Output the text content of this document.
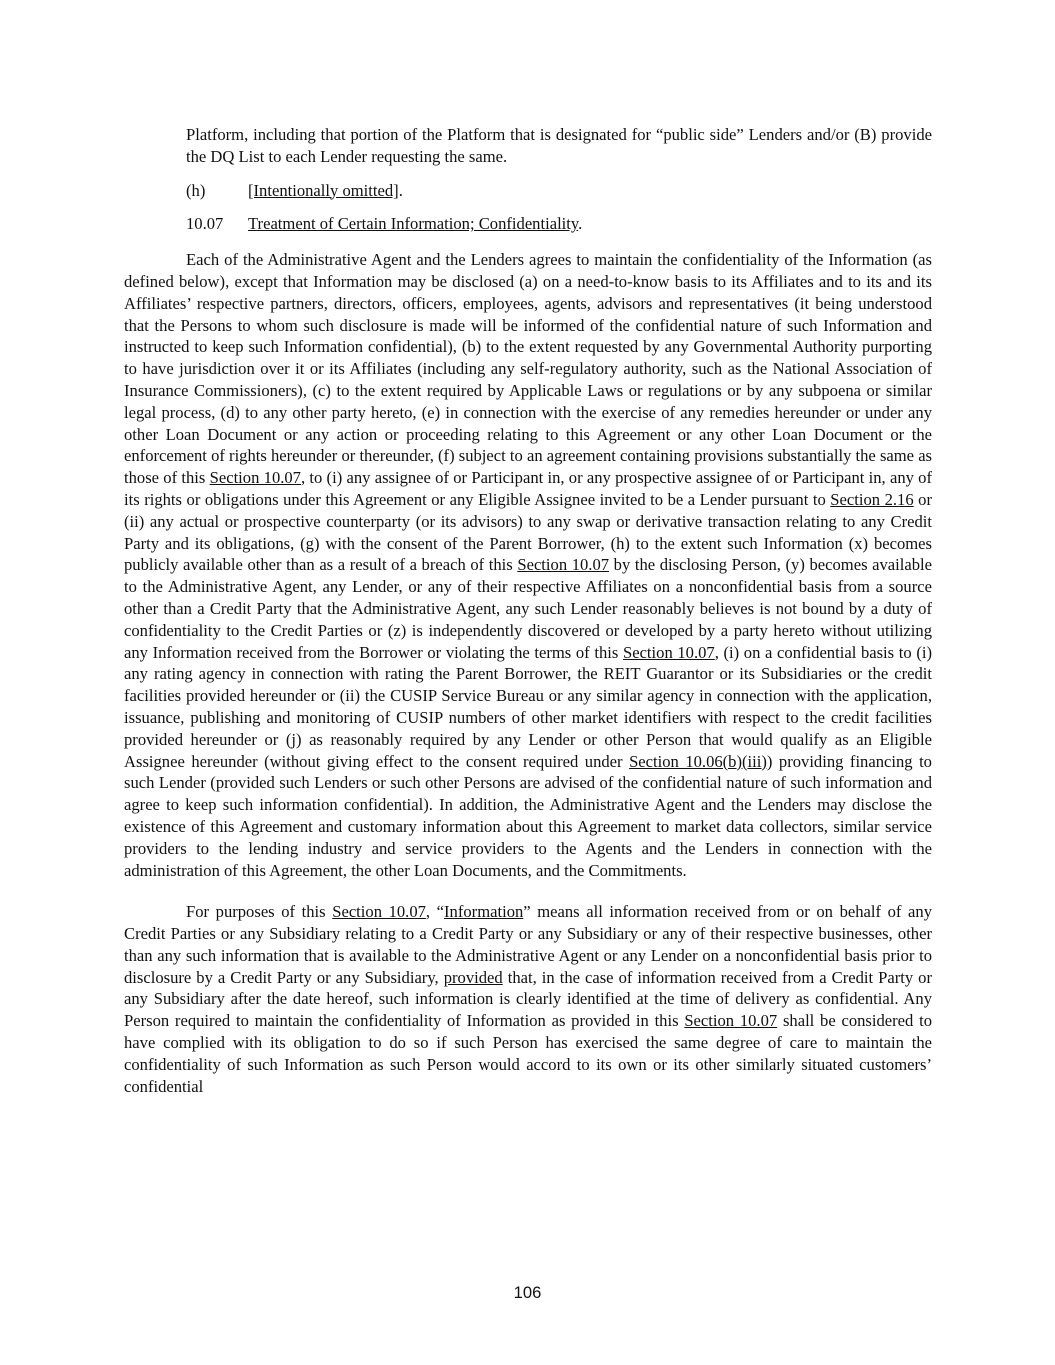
Platform, including that portion of the Platform that is designated for “public side” Lenders and/or (B) provide the DQ List to each Lender requesting the same.

(h)	[Intentionally omitted].
10.07	Treatment of Certain Information; Confidentiality.

Each of the Administrative Agent and the Lenders agrees to maintain the confidentiality of the Information (as defined below), except that Information may be disclosed (a) on a need-to-know basis to its Affiliates and to its and its Affiliates’ respective partners, directors, officers, employees, agents, advisors and representatives (it being understood that the Persons to whom such disclosure is made will be informed of the confidential nature of such Information and instructed to keep such Information confidential), (b) to the extent requested by any Governmental Authority purporting to have jurisdiction over it or its Affiliates (including any self-regulatory authority, such as the National Association of Insurance Commissioners), (c) to the extent required by Applicable Laws or regulations or by any subpoena or similar legal process, (d) to any other party hereto, (e) in connection with the exercise of any remedies hereunder or under any other Loan Document or any action or proceeding relating to this Agreement or any other Loan Document or the enforcement of rights hereunder or thereunder, (f) subject to an agreement containing provisions substantially the same as those of this Section 10.07, to (i) any assignee of or Participant in, or any prospective assignee of or Participant in, any of its rights or obligations under this Agreement or any Eligible Assignee invited to be a Lender pursuant to Section 2.16 or (ii) any actual or prospective counterparty (or its advisors) to any swap or derivative transaction relating to any Credit Party and its obligations, (g) with the consent of the Parent Borrower, (h) to the extent such Information (x) becomes publicly available other than as a result of a breach of this Section 10.07 by the disclosing Person, (y) becomes available to the Administrative Agent, any Lender, or any of their respective Affiliates on a nonconfidential basis from a source other than a Credit Party that the Administrative Agent, any such Lender reasonably believes is not bound by a duty of confidentiality to the Credit Parties or (z) is independently discovered or developed by a party hereto without utilizing any Information received from the Borrower or violating the terms of this Section 10.07, (i) on a confidential basis to (i) any rating agency in connection with rating the Parent Borrower, the REIT Guarantor or its Subsidiaries or the credit facilities provided hereunder or (ii) the CUSIP Service Bureau or any similar agency in connection with the application, issuance, publishing and monitoring of CUSIP numbers of other market identifiers with respect to the credit facilities provided hereunder or (j) as reasonably required by any Lender or other Person that would qualify as an Eligible Assignee hereunder (without giving effect to the consent required under Section 10.06(b)(iii)) providing financing to such Lender (provided such Lenders or such other Persons are advised of the confidential nature of such information and agree to keep such information confidential). In addition, the Administrative Agent and the Lenders may disclose the existence of this Agreement and customary information about this Agreement to market data collectors, similar service providers to the lending industry and service providers to the Agents and the Lenders in connection with the administration of this Agreement, the other Loan Documents, and the Commitments.

For purposes of this Section 10.07, “Information” means all information received from or on behalf of any Credit Parties or any Subsidiary relating to a Credit Party or any Subsidiary or any of their respective businesses, other than any such information that is available to the Administrative Agent or any Lender on a nonconfidential basis prior to disclosure by a Credit Party or any Subsidiary, provided that, in the case of information received from a Credit Party or any Subsidiary after the date hereof, such information is clearly identified at the time of delivery as confidential. Any Person required to maintain the confidentiality of Information as provided in this Section 10.07 shall be considered to have complied with its obligation to do so if such Person has exercised the same degree of care to maintain the confidentiality of such Information as such Person would accord to its own or its other similarly situated customers’ confidential

106
